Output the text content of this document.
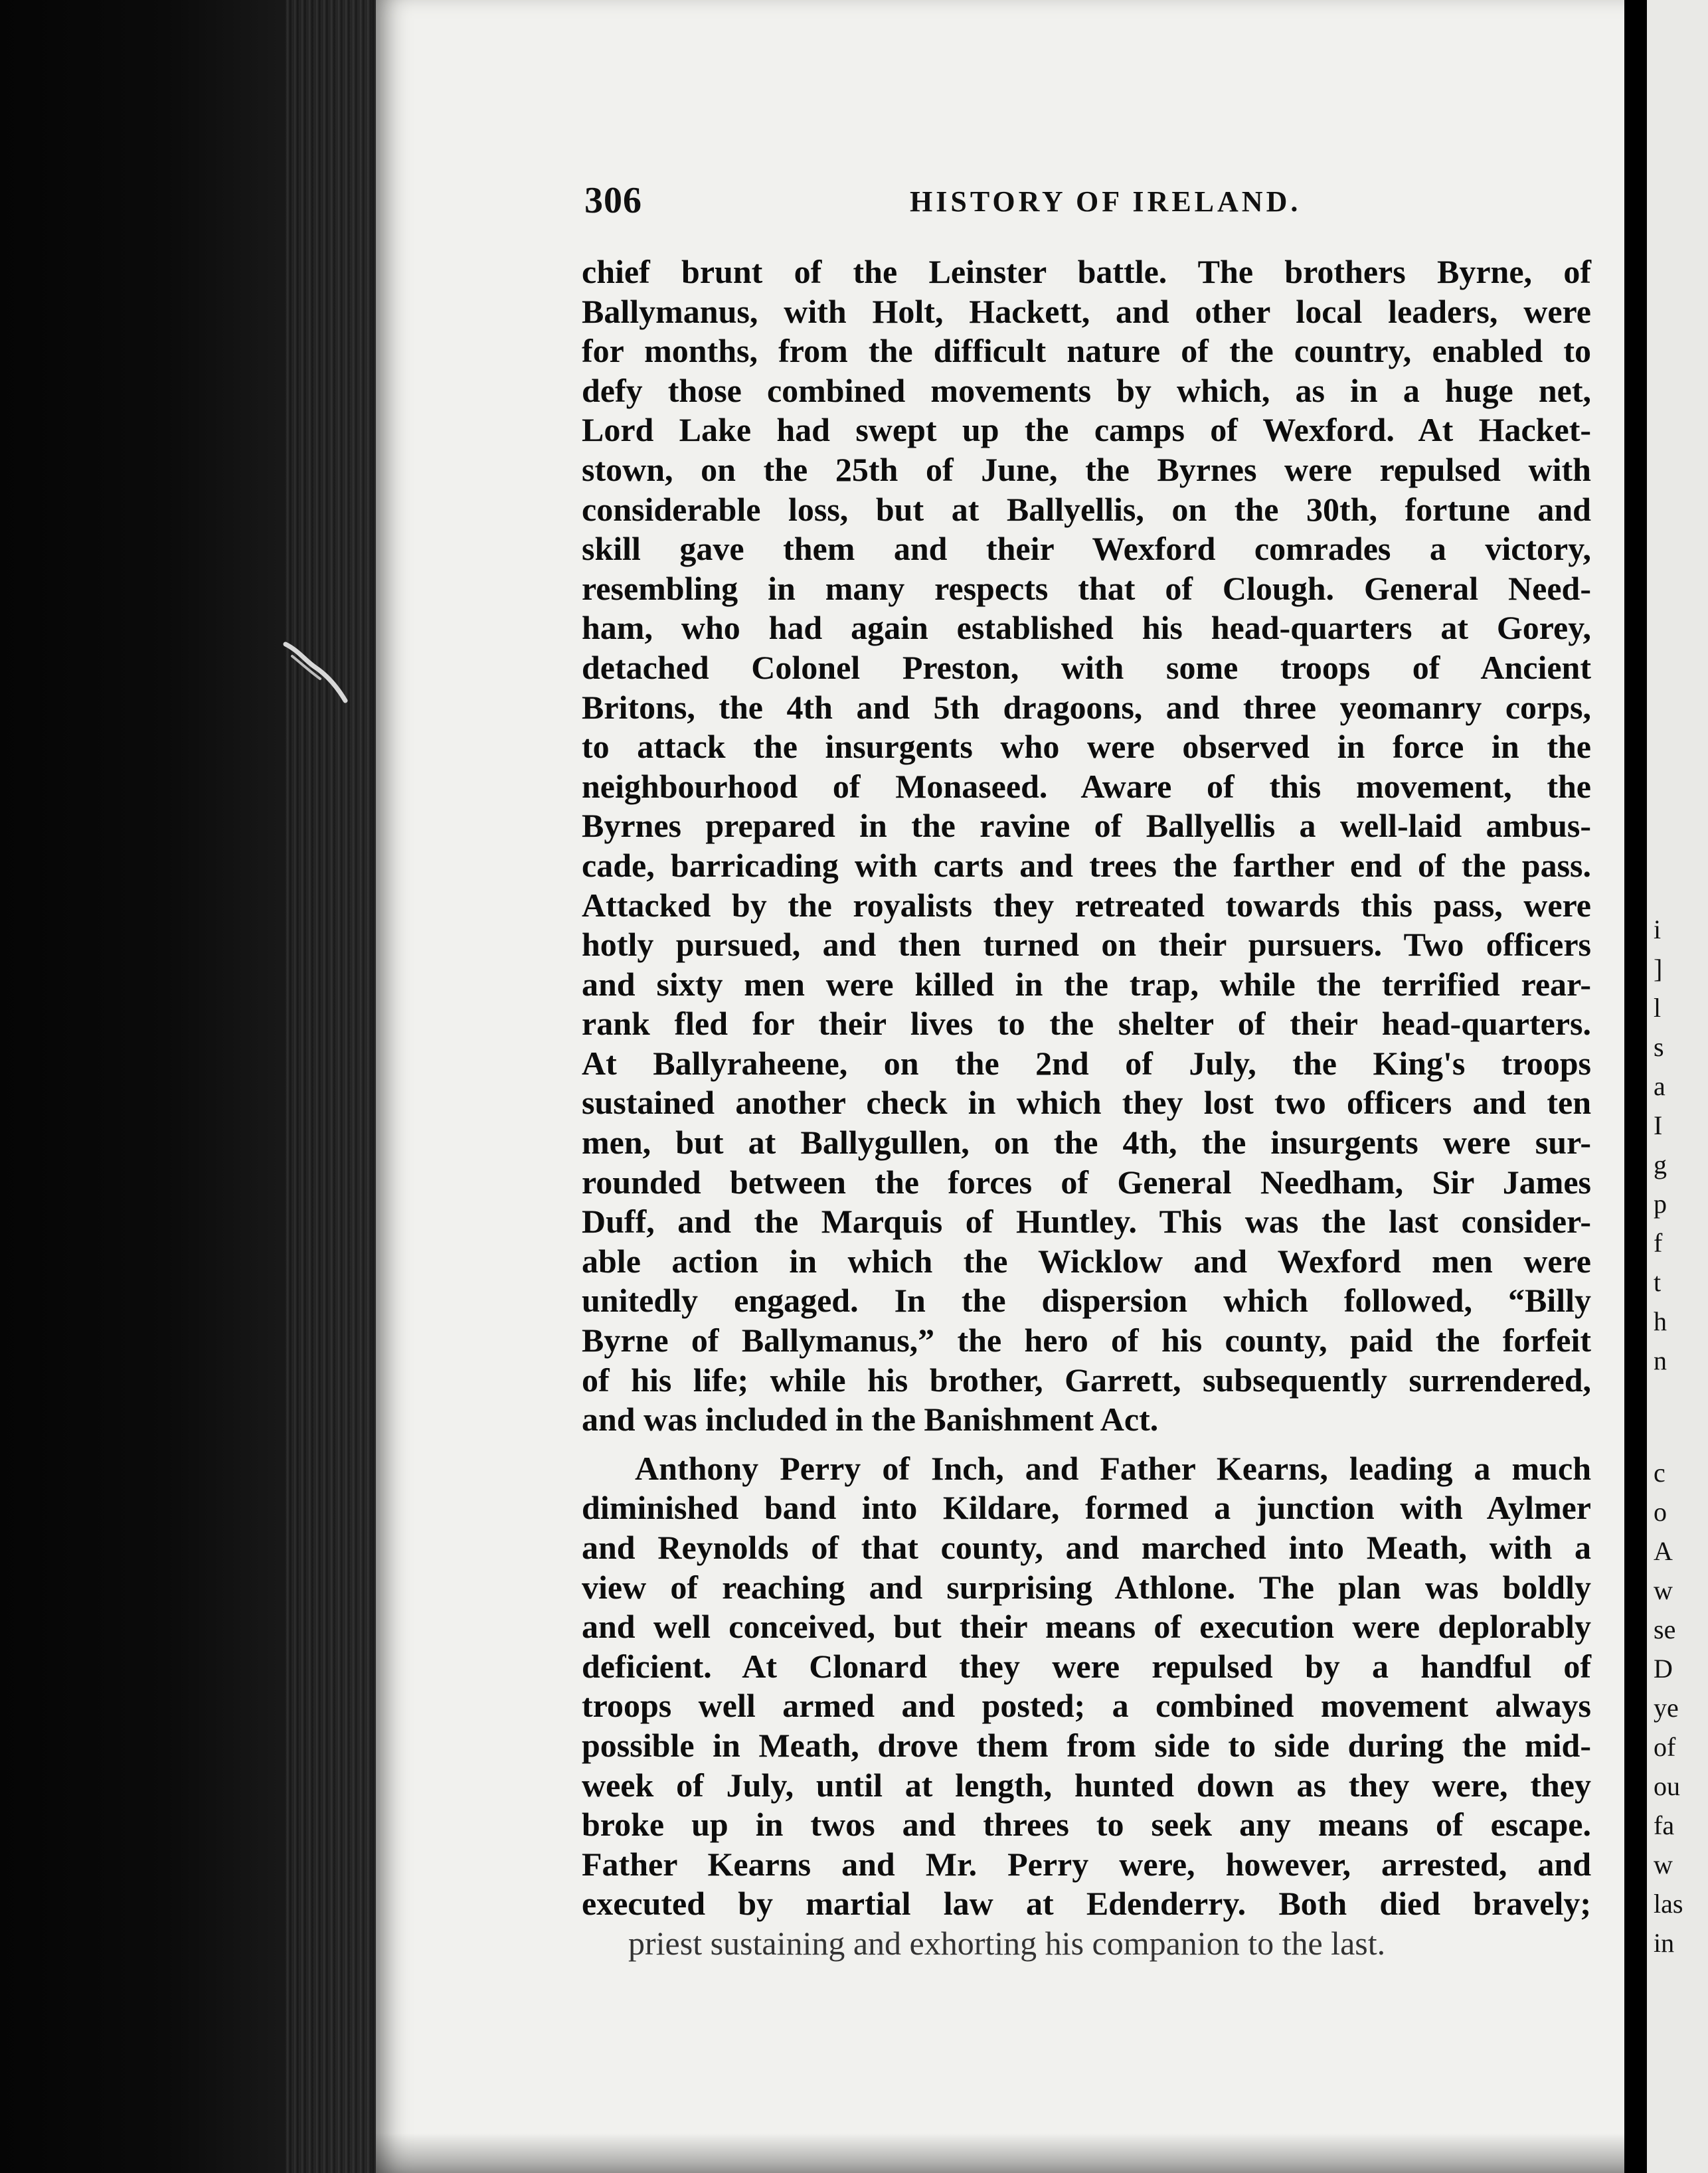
306	HISTORY OF IRELAND.
chief brunt of the Leinster battle. The brothers Byrne, of
Ballymanus, with Holt, Hackett, and other local leaders, were
for months, from the difficult nature of the country, enabled to
defy those combined movements by which, as in a huge net,
Lord Lake had swept up the camps of Wexford. At Hacket-
stown, on the 25th of June, the Byrnes were repulsed with
considerable loss, but at Ballyellis, on the 30th, fortune and
skill gave them and their Wexford comrades a victory,
resembling in many respects that of Clough. General Need-
ham, who had again established his head-quarters at Gorey,
detached Colonel Preston, with some troops of Ancient
Britons, the 4th and 5th dragoons, and three yeomanry corps,
to attack the insurgents who were observed in force in the
neighbourhood of Monaseed. Aware of this movement, the
Byrnes prepared in the ravine of Ballyellis a well-laid ambus-
cade, barricading with carts and trees the farther end of the pass.
Attacked by the royalists they retreated towards this pass, were
hotly pursued, and then turned on their pursuers. Two officers
and sixty men were killed in the trap, while the terrified rear-
rank fled for their lives to the shelter of their head-quarters.
At Ballyraheene, on the 2nd of July, the King's troops
sustained another check in which they lost two officers and ten
men, but at Ballygullen, on the 4th, the insurgents were sur-
rounded between the forces of General Needham, Sir James
Duff, and the Marquis of Huntley. This was the last consider-
able action in which the Wicklow and Wexford men were
unitedly engaged. In the dispersion which followed, “Billy
Byrne of Ballymanus,” the hero of his county, paid the forfeit
of his life; while his brother, Garrett, subsequently surrendered,
and was included in the Banishment Act.
Anthony Perry of Inch, and Father Kearns, leading a much
diminished band into Kildare, formed a junction with Aylmer
and Reynolds of that county, and marched into Meath, with a
view of reaching and surprising Athlone. The plan was boldly
and well conceived, but their means of execution were deplorably
deficient. At Clonard they were repulsed by a handful of
troops well armed and posted; a combined movement always
possible in Meath, drove them from side to side during the mid-
week of July, until at length, hunted down as they were, they
broke up in twos and threes to seek any means of escape.
Father Kearns and Mr. Perry were, however, arrested, and
executed by martial law at Edenderry. Both died bravely;
priest sustaining and exhorting his companion to the last.
i
]
l
s
a
I
g
p
f
t
h
n
c
o
A
w
se
D
ye
of
ou
fa
w
las
in
